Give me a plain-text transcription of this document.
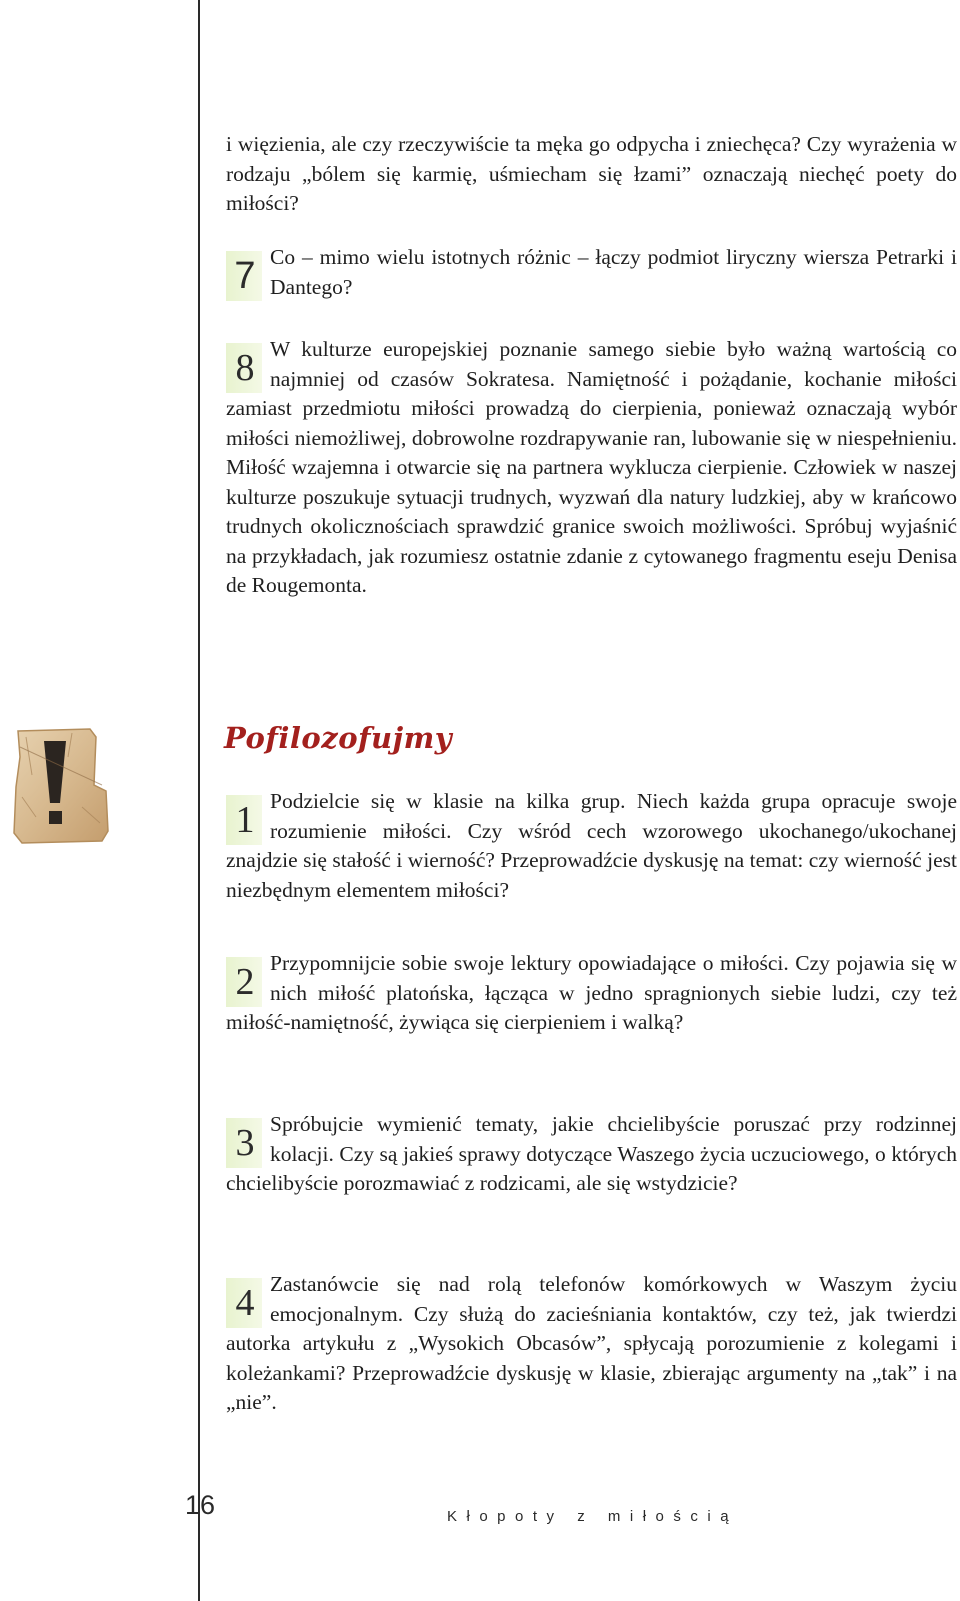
i więzienia, ale czy rzeczywiście ta męka go odpycha i zniechęca? Czy wyrażenia w rodzaju „bólem się karmię, uśmiecham się łzami” oznaczają niechęć poety do miłości?

7 Co – mimo wielu istotnych różnic – łączy podmiot liryczny wiersza Petrarki i Dantego?

8 W kulturze europejskiej poznanie samego siebie było ważną wartością co najmniej od czasów Sokratesa. Namiętność i pożądanie, kochanie miłości zamiast przedmiotu miłości prowadzą do cierpienia, ponieważ oznaczają wybór miłości niemożliwej, dobrowolne rozdrapywanie ran, lubowanie się w niespełnieniu. Miłość wzajemna i otwarcie się na partnera wyklucza cierpienie. Człowiek w naszej kulturze poszukuje sytuacji trudnych, wyzwań dla natury ludzkiej, aby w krańcowo trudnych okolicznościach sprawdzić granice swoich możliwości. Spróbuj wyjaśnić na przykładach, jak rozumiesz ostatnie zdanie z cytowanego fragmentu eseju Denisa de Rougemonta.

Pofilozofujmy
1 Podzielcie się w klasie na kilka grup. Niech każda grupa opracuje swoje rozumienie miłości. Czy wśród cech wzorowego ukochanego/ukochanej znajdzie się stałość i wierność? Przeprowadźcie dyskusję na temat: czy wierność jest niezbędnym elementem miłości?

2 Przypomnijcie sobie swoje lektury opowiadające o miłości. Czy pojawia się w nich miłość platońska, łącząca w jedno spragnionych siebie ludzi, czy też miłość-namiętność, żywiąca się cierpieniem i walką?

3 Spróbujcie wymienić tematy, jakie chcielibyście poruszać przy rodzinnej kolacji. Czy są jakieś sprawy dotyczące Waszego życia uczuciowego, o których chcielibyście porozmawiać z rodzicami, ale się wstydzicie?

4 Zastanówcie się nad rolą telefonów komórkowych w Waszym życiu emocjonalnym. Czy służą do zacieśniania kontaktów, czy też, jak twierdzi autorka artykułu z „Wysokich Obcasów”, spłycają porozumienie z kolegami i koleżankami? Przeprowadźcie dyskusję w klasie, zbierając argumenty na „tak” i na „nie”.

16	Kłopoty z miłością
